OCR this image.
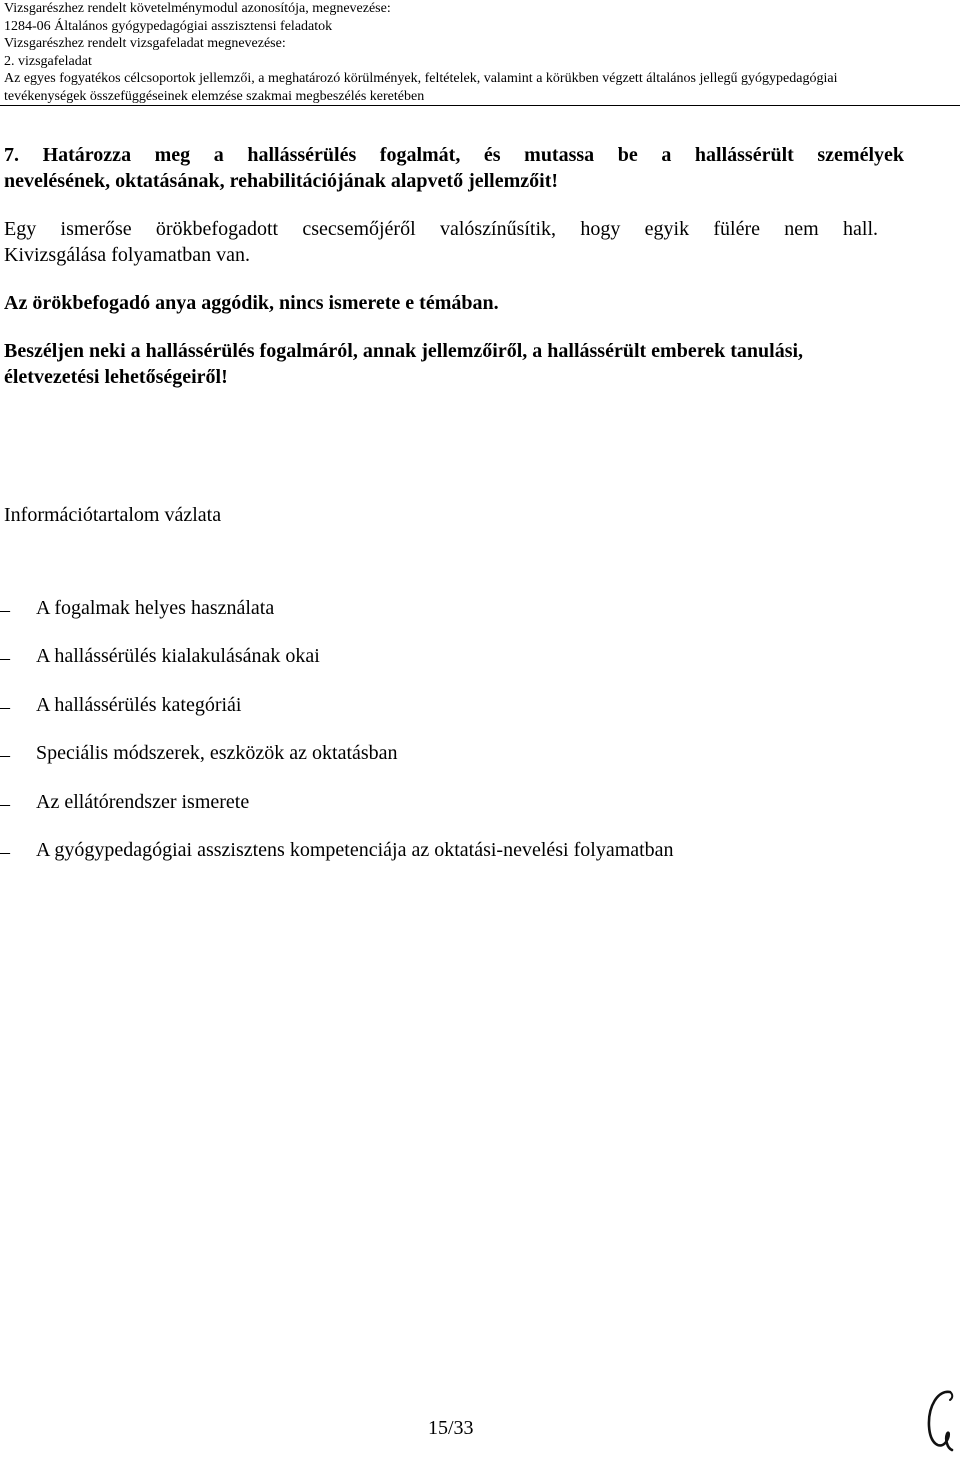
Vizsgarészhez rendelt követelménymodul azonosítója, megnevezése:
1284-06 Általános gyógypedagógiai asszisztensi feladatok
Vizsgarészhez rendelt vizsgafeladat megnevezése:
2. vizsgafeladat
Az egyes fogyatékos célcsoportok jellemzői, a meghatározó körülmények, feltételek, valamint a körükben végzett általános jellegű gyógypedagógiai
tevékenységek összefüggéseinek elemzése szakmai megbeszélés keretében
7. Határozza meg a hallássérülés fogalmát, és mutassa be a hallássérült személyek
nevelésének, oktatásának, rehabilitációjának alapvető jellemzőit!
Egy ismerőse örökbefogadott csecsemőjéről valószínűsítik, hogy egyik fülére nem hall.
Kivizsgálása folyamatban van.
Az örökbefogadó anya aggódik, nincs ismerete e témában.
Beszéljen neki a hallássérülés fogalmáról, annak jellemzőiről, a hallássérült emberek tanulási,
életvezetési lehetőségeiről!
Információtartalom vázlata
– A fogalmak helyes használata
– A hallássérülés kialakulásának okai
– A hallássérülés kategóriái
– Speciális módszerek, eszközök az oktatásban
– Az ellátórendszer ismerete
– A gyógypedagógiai asszisztens kompetenciája az oktatási-nevelési folyamatban
15/33
